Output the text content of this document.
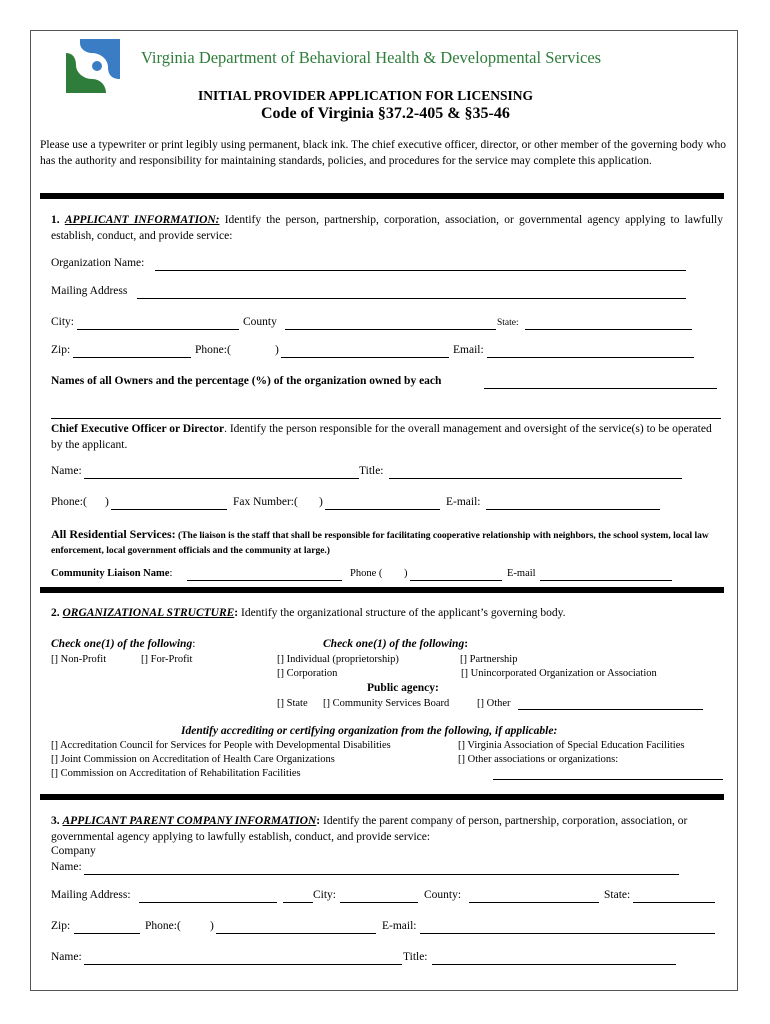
Virginia Department of Behavioral Health & Developmental Services
INITIAL PROVIDER APPLICATION FOR LICENSING
Code of Virginia §37.2-405 & §35-46
Please use a typewriter or print legibly using permanent, black ink. The chief executive officer, director, or other member of the governing body who has the authority and responsibility for maintaining standards, policies, and procedures for the service may complete this application.
1. APPLICANT INFORMATION: Identify the person, partnership, corporation, association, or governmental agency applying to lawfully establish, conduct, and provide service:
Organization Name:
Mailing Address
City:	County	State:
Zip:	Phone:(	)	Email:
Names of all Owners and the percentage (%) of the organization owned by each
Chief Executive Officer or Director. Identify the person responsible for the overall management and oversight of the service(s) to be operated by the applicant.
Name:	Title:
Phone:( )	Fax Number:( )	E-mail:
All Residential Services: (The liaison is the staff that shall be responsible for facilitating cooperative relationship with neighbors, the school system, local law enforcement, local government officials and the community at large.)
Community Liaison Name:	Phone ( )	E-mail
2. ORGANIZATIONAL STRUCTURE: Identify the organizational structure of the applicant’s governing body.
Check one(1) of the following:
[] Non-Profit	[] For-Profit
Check one(1) of the following:
[] Individual (proprietorship)	[] Partnership
[] Corporation	[] Unincorporated Organization or Association
Public agency:
[] State [] Community Services Board	[] Other
Identify accrediting or certifying organization from the following, if applicable:
[] Accreditation Council for Services for People with Developmental Disabilities
[] Joint Commission on Accreditation of Health Care Organizations
[] Commission on Accreditation of Rehabilitation Facilities
[] Virginia Association of Special Education Facilities
[] Other associations or organizations:
3. APPLICANT PARENT COMPANY INFORMATION: Identify the parent company of person, partnership, corporation, association, or governmental agency applying to lawfully establish, conduct, and provide service:
Company
Name:
Mailing Address:	City:	County:	State:
Zip:	Phone:(	)	E-mail:
Name:	Title:
